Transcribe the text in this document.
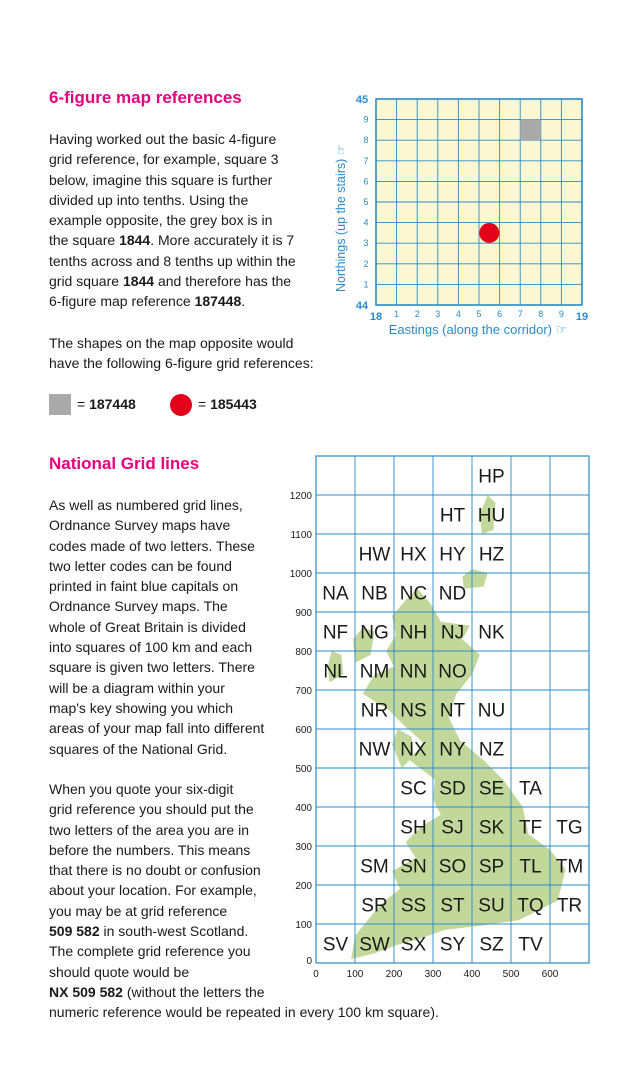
6-figure map references
Having worked out the basic 4-figure
grid reference, for example, square 3
below, imagine this square is further
divided up into tenths. Using the
example opposite, the grey box is in
the square 1844. More accurately it is 7
tenths across and 8 tenths up within the
grid square 1844 and therefore has the
6-figure map reference 187448.
The shapes on the map opposite would
have the following 6-figure grid references:
= 187448	= 185443
1
2
3
4
5
6
7
8
9
1 2 3 4 5 6 7 8 9
45
44
18	19
Northings (up the stairs) ☞
Eastings (along the corridor) ☞
National Grid lines
As well as numbered grid lines,
Ordnance Survey maps have
codes made of two letters. These
two letter codes can be found
printed in faint blue capitals on
Ordnance Survey maps. The
whole of Great Britain is divided
into squares of 100 km and each
square is given two letters. There
will be a diagram within your
map's key showing you which
areas of your map fall into different
squares of the National Grid.
When you quote your six-digit
grid reference you should put the
two letters of the area you are in
before the numbers. This means
that there is no doubt or confusion
about your location. For example,
you may be at grid reference
509 582 in south-west Scotland.
The complete grid reference you
should quote would be
NX 509 582 (without the letters the
numeric reference would be repeated in every 100 km square).
HP
HT HU
HW HX HY HZ
NA NB NC ND
NF NG NH NJ NK
NL NM NN NO
NR NS NT NU
NW NX NY NZ
SC SD SE TA
SH SJ SK TF TG
SM SN SO SP TL TM
SR SS ST SU TQ TR
SV SW SX SY SZ TV
0
100
200
300
400
500
600
700
800
900
1000
1100
1200
0	100 200 300 400 500 600
